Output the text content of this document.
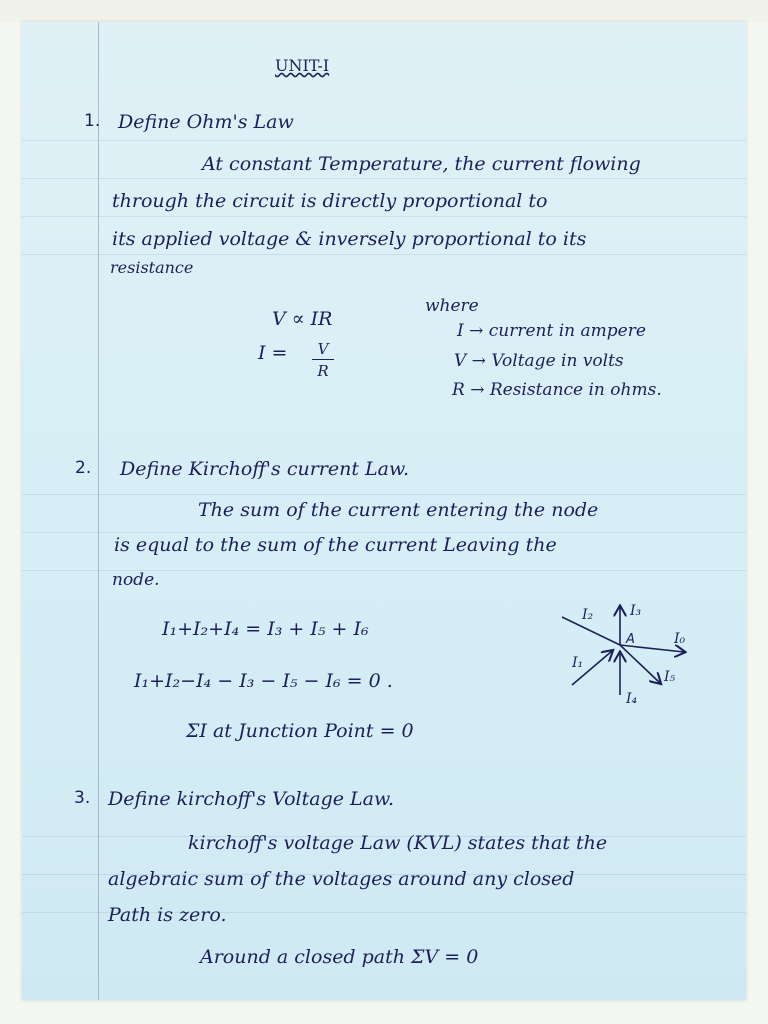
UNIT-I
1. Define Ohm's Law
At constant Temperature, the current flowing
through the circuit is directly proportional to
its applied voltage & inversely proportional to its
resistance
V ∝ IR
I =	V
R
where
I → current in ampere
V → Voltage in volts
R → Resistance in ohms.
2. Define Kirchoff's current Law.
The sum of the current entering the node
is equal to the sum of the current Leaving the
node.
I₁+I₂+I₄ = I₃ + I₅ + I₆
I₁+I₂−I₄ − I₃ − I₅ − I₆ = 0 .
ΣI at Junction Point = 0
A
I₂	I₃
I₀
I₁
I₅
I₄
3. Define kirchoff's Voltage Law.
kirchoff's voltage Law (KVL) states that the
algebraic sum of the voltages around any closed
Path is zero.
Around a closed path ΣV = 0
